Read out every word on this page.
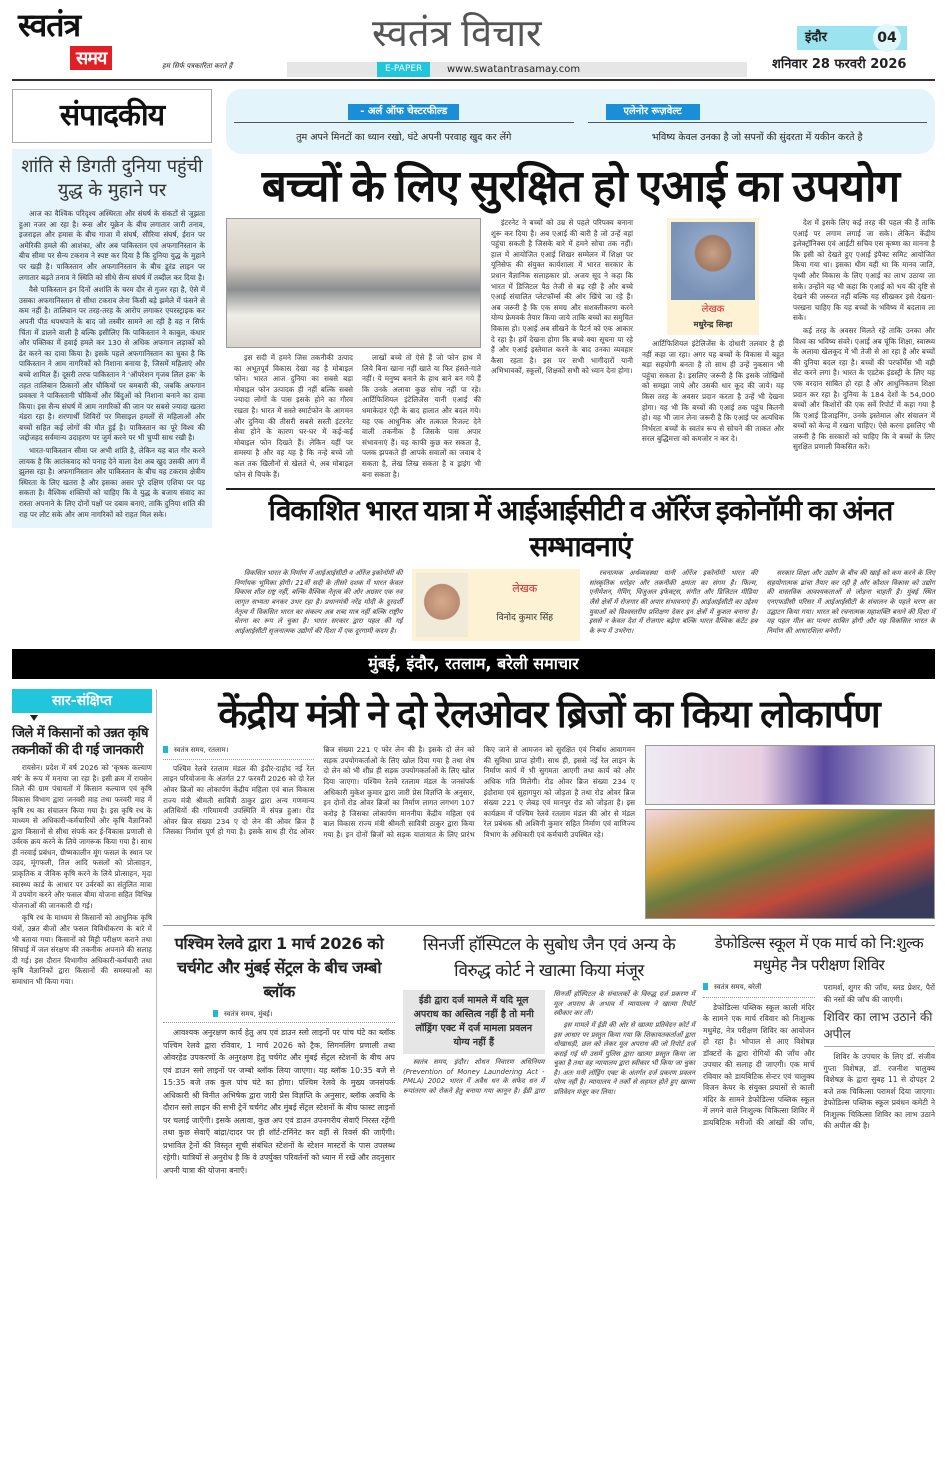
स्वतंत्र
समय	हम सिर्फ पत्रकारिता करते हैं
स्वतंत्र विचार
E-PAPER	www.swatantrasamay.com
इंदौर	04
शनिवार 28 फरवरी 2026
संपादकीय
शांति से डिगती दुनिया पहुंची युद्ध के मुहाने पर

आज का वैश्विक परिदृश्य अस्थिरता और संघर्ष के संकटों से जूझता हुआ नजर आ रहा है। रूस और यूक्रेन के बीच लगातार जारी तनाव, इजराइल और हमास के बीच गाजा में संघर्ष, सीरिया संघर्ष, ईरान पर अमेरिकी हमले की आशंका, और अब पाकिस्तान एवं अफगानिस्तान के बीच सीमा पर सैन्य टकराव ने स्पष्ट कर दिया है कि दुनिया युद्ध के मुहाने पर खड़ी है। पाकिस्तान और अफगानिस्तान के बीच डूरंड लाइन पर लगातार बढ़ते तनाव ने स्थिति को सीधे सैन्य संघर्ष में तब्दील कर दिया है।

वैसे पाकिस्तान इन दिनों अशांति के चरम दौर से गुजर रहा है, ऐसे में उसका अफगानिस्तान से सीधा टकराव लेना किसी बड़े झमेले में फंसने से कम नहीं है। तालिबान पर तरह-तरह के आरोप लगाकर एयरस्ट्राइक कर अपनी पीठ थपथपाने के बाद जो तस्वीर सामने आ रही है वह न सिर्फ चिंता में डालने वाली है बल्कि इसीलिए कि पाकिस्तान ने काबुल, कंधार और पक्तिका में हवाई हमले कर 130 से अधिक अफगान लड़ाकों को ढेर करने का दावा किया है। इसके पहले अफगानिस्तान का चुका है कि पाकिस्तान ने आम नागरिकों को निशाना बनाया है, जिसमें महिलाएं और बच्चे शामिल हैं। दूसरी तरफ पाकिस्तान ने 'ऑपरेशन गृजब लिल हक' के तहत तालिबान ठिकानों और चौकियों पर बमबारी की, जबकि अफगान प्रवक्ता ने पाकिस्तानी चौकियों और बिंदुओं को निशाना बनाने का दावा किया। इस सैन्य संघर्ष में आम नागरिकों की जान पर सबसे ज्यादा खतरा मंडरा रहा है। शरणार्थी शिविरों पर मिसाइल हमलों से महिलाओं और बच्चों सहित कई लोगों की मौत हुई है। पाकिस्तान का पूरे विश्व की जद्दोजहद सर्वमान्य उदाहरण पर जुर्म करने पर भी चुप्पी साध रखी है।

भारत-पाकिस्तान सीमा पर अभी शांति है, लेकिन यह बात गौर करने लायक है कि आतंकवाद को पनाह देने वाला देश अब खुद उसकी आग में झुलस रहा है। अफगानिस्तान और पाकिस्तान के बीच यह टकराव क्षेत्रीय स्थिरता के लिए खतरा है और इसका असर पूरे दक्षिण एशिया पर पड़ सकता है। वैश्विक शक्तियों को चाहिए कि वे युद्ध के बजाय संवाद का रास्ता अपनाने के लिए दोनों पक्षों पर दबाव बनाएं, ताकि दुनिया शांति की राह पर लौट सके और आम नागरिकों को राहत मिल सके।

- अर्ल ऑफ चेस्टरफील्ड
तुम अपने मिनटों का ध्यान रखो, घंटे अपनी परवाह खुद कर लेंगे
एलेनोर रूज़वेल्ट
भविष्य केवल उनका है जो सपनों की सुंदरता में यकीन करते है
बच्चों के लिए सुरक्षित हो एआई का उपयोग

इस सदी में हमने जिस तकनीकी उत्पाद का अभूतपूर्व विकास देखा वह है मोबाइल फोन। भारत आज दुनिया का सबसे बड़ा मोबाइल फोन उत्पादक ही नहीं बल्कि सबसे ज्यादा लोगों के पास इसके होने का गौरव रखता है। भारत में सस्ते स्मार्टफोन के आगमन और दुनिया की तीसरी सबसे सस्ती इंटरनेट सेवा होने के कारण घर-घर में कई-कई मोबाइल फोन दिखते हैं। लेकिन यहीं पर समस्या है और वह यह है कि नन्हे बच्चे जो कल तक खिलौनों से खेलते थे, अब मोबाइल फोन से चिपके हैं।

लाखों बच्चे तो ऐसे हैं जो फोन हाथ में लिये बिना खाना नहीं खाते या फिर हंसते-गाते नहीं। ये मनुष्य बनाने के हाथ बाने बन गये हैं कि उनके अलावा कुछ सोच नहीं पा रहे। आर्टिफिशियल इंटेलिजेंस यानी एआई की धमाकेदार एंट्री के बाद हालात और बदल गये। यह एक आधुनिक और तत्काल रिजल्ट देने वाली तकनीक है जिसके पास अपार संभावनाएं हैं। यह काफी कुछ कर सकता है, पलक झपकते ही आपके सवालों का जवाब दे सकता है, लेख लिख सकता है व ड्राइंग भी बना सकता है।

इंटरनेट ने बच्चों को उम्र से पहले परिपक्व बनाना शुरू कर दिया है। अब एआई की बारी है जो उन्हें वहां पहुंचा सकती है जिसके बारे में हमने सोचा तक नहीं। हाल में आयोजित एआई शिखर सम्मेलन में शिक्षा पर यूनिसेफ की संयुक्त कार्यशाला में भारत सरकार के प्रधान वैज्ञानिक सलाहकार प्रो. अजय सूद ने कहा कि भारत में डिजिटल पैठ तेजी से बढ़ रही है और बच्चे एआई संचालित प्लेटफॉर्म्स की ओर खिंचे जा रहे हैं। अब जरूरी है कि एक समग्र और सशक्तीकरण करने योग्य फ्रेमवर्क तैयार किया जाये ताकि बच्चों का समुचित विकास हो। एआई अब सीखने के पैटर्न को एक आकार दे रहा है। हमें देखना होगा कि बच्चे क्या सूचना पा रहे हैं और एआई इस्तेमाल करने के बाद उनका व्यवहार कैसा रहता है। इस पर सभी भागीदारों यानी अभिभावकों, स्कूलों, शिक्षकों सभी को ध्यान देना होगा।

लेखक
मधुरेन्द्र सिन्हा

आर्टिफिशियल इंटेलिजेंस के दोधारी तलवार है ही नहीं कहा जा रहा। अगर यह बच्चों के विकास में बहुत बड़ा सहयोगी बनता है तो साथ ही उन्हें नुकसान भी पहुंचा सकता है। इसलिए जरूरी है कि इसके जोखिमों को समझा जाये और उसकी धार कूद की जाये। यह किस तरह के अवसर प्रदान करता है उन्हें भी देखना होगा। यह भी कि बच्चों की एआई तक पहुंच कितनी हो। यह भी जान लेना जरूरी है कि एआई पर अत्यधिक निर्भरता बच्चों के स्वतंत्र रूप से सोचने की ताकत और सरल बुद्धिमत्ता को कमजोर न कर दे।

देश में इसके लिए कई तरह की पहल की हैं ताकि एआई पर लगाम लगाई जा सके। लेकिन केंद्रीय इलेक्ट्रॉनिक्स एवं आईटी सचिव एस कृष्णा का मानना है कि इसी को देखते हुए एआई इंपैक्ट समिट आयोजित किया गया था। इसका थीम यही था कि मानव जाति, पृथ्वी और विकास के लिए एआई का लाभ उठाया जा सके। उन्होंने यह भी कहा कि एआई को भय की दृष्टि से देखने की जरूरत नहीं बल्कि यह सीखकर इसे देखना-परखना चाहिए कि यह बच्चों के भविष्य में बदलाव ला सके।

कई तरह के अवसर मिलते रहें ताकि उनका और विश्व का भविष्य संवरे। एआई अब चूंकि शिक्षा, स्वास्थ्य के अलावा खेलकूद में भी तेजी से आ रहा है और बच्चों की दुनिया बदल रहा है। बच्चों की परफॉर्मेंस भी वही सेट करने लगा है। भारत के एडटेक इंडस्ट्री के लिए यह एक वरदान साबित हो रहा है और आधुनिकतम शिक्षा प्रदान कर रहा है। दुनिया के 184 देशों के 54,000 बच्चों और किशोरों की एक सर्वे रिपोर्ट में कहा गया है कि एआई डिजाइनिंग, उनके इस्तेमाल और संचालन में बच्चों को केन्द्र में रखना चाहिए। ऐसे करना इसलिए भी जरूरी है कि सरकारों को चाहिए कि वे बच्चों के लिए सुरक्षित प्रणाली विकसित करें।

विकाशित भारत यात्रा में आईआईसीटी व ऑरेंज इकोनॉमी का अंनत सम्भावनाएं

विकसित भारत के निर्माण में आईआईसीटी व ऑरेंज इकोनॉमी की निर्णायक भूमिका होगी। 21वीं सदी के तीसरे दशक में भारत केवल विकास शील राष्ट्र नहीं, बल्कि वैश्विक नेतृत्व की ओर अग्रसर एक नव जागृत सभ्यता बनकर उभर रहा है। प्रधानमंत्री नरेंद्र मोदी के दूरदर्शी नेतृत्व में विकसित भारत का संकल्प अब शब्द मात्र नहीं बल्कि राष्ट्रीय चेतना का रूप ले चुका है। भारत सरकार द्वारा पहल की गई आईआईसीटी सृजनात्मक उद्योगों की दिशा में एक दूरगामी कदम है।

लेखक
विनोद कुमार सिंह

रचनात्मक अर्थव्यवस्था यानी ऑरेंज इकोनॉमी भारत की सांस्कृतिक धरोहर और तकनीकी क्षमता का संगम है। फिल्म, एनीमेशन, गेमिंग, विजुअल इफेक्ट्स, संगीत और डिजिटल मीडिया जैसे क्षेत्रों में रोजगार की अपार संभावनाएं हैं। आईआईसीटी का उद्देश्य युवाओं को विश्वस्तरीय प्रशिक्षण देकर इन क्षेत्रों में कुशल बनाना है। इससे न केवल देश में रोजगार बढ़ेगा बल्कि भारत वैश्विक कंटेंट हब के रूप में उभरेगा।

सरकार शिक्षा और उद्योग के बीच की खाई को कम करने के लिए सहयोगात्मक ढांचा तैयार कर रही है और कौशल विकास को उद्योग की वास्तविक आवश्यकताओं से जोड़ना चाहती है। मुंबई स्थित एनएफडीसी परिसर में आईआईसीटी के संचालन के पहले चरण का उद्घाटन किया गया। भारत को रचनात्मक महाशक्ति बनाने की दिशा में यह पहल मील का पत्थर साबित होगी और यह विकसित भारत के निर्माण की आधारशिला बनेगी।

मुंबई, इंदौर, रतलाम, बरेली समाचार
सार-संक्षिप्त
जिले में किसानों को उन्नत कृषि तकनीकों की दी गई जानकारी

रायसेन। प्रदेश में वर्ष 2026 को 'कृषक कल्याण वर्ष' के रूप में मनाया जा रहा है। इसी क्रम में रायसेन जिले की ग्राम पंचायतों में किसान कल्याण एवं कृषि विकास विभाग द्वारा जनवरी माह तथा फरवरी माह में कृषि रथ का संचालन किया गया है। इस कृषि रथ के माध्यम से अधिकारी-कर्मचारियों और कृषि वैज्ञानिकों द्वारा किसानों से सीधा संपर्क कर ई-विकास प्रणाली से उर्वरक क्रय करने के लिये जागरूक किया गया है। साथ ही नरवाई प्रबंधन, ग्रीष्मकालीन मूंग फसल के स्थान पर उड़द, मूंगफली, तिल आदि फसलों को प्रोत्साहन, प्राकृतिक व जैविक कृषि करने के लिये प्रोत्साहन, मृदा स्वास्थ्य कार्ड के आधार पर उर्वरकों का संतुलित मात्रा में उपयोग करने और फसल बीमा योजना सहित विभिन्न योजनाओं की जानकारी दी गई।

कृषि रथ के माध्यम से किसानों को आधुनिक कृषि यंत्रों, उन्नत बीजों और फसल विविधीकरण के बारे में भी बताया गया। किसानों को मिट्टी परीक्षण कराने तथा सिंचाई में जल संरक्षण की तकनीक अपनाने की सलाह दी गई। इस दौरान विभागीय अधिकारी-कर्मचारी तथा कृषि वैज्ञानिकों द्वारा किसानों की समस्याओं का समाधान भी किया गया।

केंद्रीय मंत्री ने दो रेलओवर ब्रिजों का किया लोकार्पण
स्वतंत्र समय, रतलाम।

पश्चिम रेलवे रतलाम मंडल की इंदौर-दाहोद नई रेल लाइन परियोजना के अंतर्गत 27 फरवरी 2026 को दो रेल ओवर ब्रिजों का लोकार्पण केंद्रीय महिला एवं बाल विकास राज्य मंत्री श्रीमती सावित्री ठाकुर द्वारा अन्य गणमान्य अतिथियों की गरिमामयी उपस्थिति में संपन्न हुआ। रोड ओवर ब्रिज संख्या 234 ए दो लेन की ओवर ब्रिज है जिसका निर्माण पूर्ण हो गया है। इसके साथ ही रोड ओवर ब्रिज संख्या 221 ए फोर लेन की है। इसके दो लेन को सड़क उपयोगकर्ताओं के लिए खोल दिया गया है तथा शेष दो लेन को भी शीघ्र ही सड़क उपयोगकर्ताओं के लिए खोल दिया जाएगा। पश्चिम रेलवे रतलाम मंडल के जनसंपर्क अधिकारी मुकेश कुमार द्वारा जारी प्रेस विज्ञप्ति के अनुसार, इन दोनों रोड ओवर ब्रिजों का निर्माण लागत लगभग 107 करोड़ है जिसका लोकार्पण माननीया केंद्रीय महिला एवं बाल विकास राज्य मंत्री श्रीमती सावित्री ठाकुर द्वारा किया गया है। इन दोनों ब्रिजों को सड़क यातायात के लिए प्रारंभ किए जाने से आमजन को सुरक्षित एवं निर्बाध आवागमन की सुविधा प्राप्त होगी। साथ ही, इससे नई रेल लाइन के निर्माण कार्य में भी सुगमता आएगी तथा कार्य को और अधिक गति मिलेगी। रोड ओवर ब्रिज संख्या 234 ए इंदोरामा एवं सुहागपुरा को जोड़ता है तथा रोड ओवर ब्रिज संख्या 221 ए लेबड़ एवं मानपुर रोड को जोड़ता है। इस कार्यक्रम में पश्चिम रेलवे रतलाम मंडल की ओर से मंडल रेल प्रबंधक श्री अश्विनी कुमार सहित निर्माण एवं वाणिज्य विभाग के अधिकारी एवं कर्मचारी उपस्थित रहे।

पश्चिम रेलवे द्वारा 1 मार्च 2026 को चर्चगेट और मुंबई सेंट्रल के बीच जम्बो ब्लॉक
स्वतंत्र समय, मुंबई।

आवश्यक अनुरक्षण कार्य हेतु अप एवं डाउन स्लो लाइनों पर पांच घंटे का ब्लॉक पश्चिम रेलवे द्वारा रविवार, 1 मार्च 2026 को ट्रैक, सिगनलिंग प्रणाली तथा ओवरहेड उपकरणों के अनुरक्षण हेतु चर्चगेट और मुंबई सेंट्रल स्टेशनों के बीच अप एवं डाउन स्लो लाइनों पर जम्बो ब्लॉक लिया जाएगा। यह ब्लॉक 10:35 बजे से 15:35 बजे तक कुल पांच घंटे का होगा। पश्चिम रेलवे के मुख्य जनसंपर्क अधिकारी श्री विनीत अभिषेक द्वारा जारी प्रेस विज्ञप्ति के अनुसार, ब्लॉक अवधि के दौरान स्लो लाइन की सभी ट्रेनें चर्चगेट और मुंबई सेंट्रल स्टेशनों के बीच फास्ट लाइनों पर चलाई जाएँगी। इसके अलावा, कुछ अप एवं डाउन उपनगरीय सेवाएँ निरस्त रहेंगी तथा कुछ सेवाएँ बांद्रा/दादर पर ही शॉर्ट-टर्मिनेट कर वहीं से रिवर्स की जाएँगी। प्रभावित ट्रेनों की विस्तृत सूची संबंधित स्टेशनों के स्टेशन मास्टरों के पास उपलब्ध रहेगी। यात्रियों से अनुरोध है कि वे उपर्युक्त परिवर्तनों को ध्यान में रखें और तदनुसार अपनी यात्रा की योजना बनाएँ।

सिनर्जी हॉस्पिटल के सुबोध जैन एवं अन्य के विरुद्ध कोर्ट ने खात्मा किया मंजूर
ईडी द्वारा दर्ज मामले में यदि मूल अपराध का अस्तित्व नहीं है तो मनी लॉड्रिंग एक्ट में दर्ज मामला प्रवलन योग्य नहीं हैं

स्वतंत्र समय, इंदौर। शोधन निवारण अधिनियम (Prevention of Money Laundering Act - PMLA) 2002 भारत में अवैध धन के सफेद धन में रूपांतरण को रोकने हेतु बनाया गया कानून है। ईडी द्वारा सिनर्जी हॉस्पिटल के संचालकों के विरुद्ध दर्ज प्रकरण में मूल अपराध के अभाव में न्यायालय ने खात्मा रिपोर्ट स्वीकार कर ली।

इस मामले में ईडी की ओर से खात्मा प्रतिवेदन कोर्ट में इस आधार पर प्रस्तुत किया गया कि शिकायतकर्ताओं द्वारा धोखाधड़ी, छल को लेकर मूल अपराध की जो रिपोर्ट दर्ज कराई गई थी उसमें पुलिस द्वारा खात्मा प्रस्तुत किया जा चुका है तथा वह न्यायालय द्वारा स्वीकार भी किया जा चुका है। अतः मनी लॉड्रिंग एक्ट के अंतर्गत दर्ज प्रकरण प्रवलन योग्य नहीं है। न्यायालय ने तर्कों से सहमत होते हुए खात्मा प्रतिवेदन मंजूर कर लिया।

डेफोडिल्स स्कूल में एक मार्च को नि:शुल्क मधुमेह नैत्र परीक्षण शिविर
स्वतंत्र समय, बरेली

डेफोडिल्स पब्लिक स्कूल काली मंदिर के सामने एक मार्च रविवार को निःशुल्क मधुमेह, नेत्र परीक्षण शिविर का आयोजन हो रहा है। भोपाल से आए विशेषज्ञ डॉक्टरों के द्वारा रोगियों की जाँच और उपचार की सलाह दी जाएगी। एक मार्च रविवार को डायबिटिक सेन्टर एवं चालुक्य विजन केयर के संयुक्त प्रयासों से काली मंदिर के सामने डेफोडिल्स पब्लिक स्कूल में लगने वाले निःशुल्क चिकित्सा शिविर में डायबिटिक मरीजों की आंखों की जाँच, परामर्श, शुगर की जाँच, ब्लड प्रेशर, पैरों की नसों की जाँच की जाएगी।

शिविर का लाभ उठाने की अपील

शिविर के उपचार के लिए डॉ. संजीव गुप्ता विशेषज्ञ, डॉ. रजनीश चालुक्य विशेषज्ञ के द्वारा सुबह 11 से दोपहर 2 बजे तक चिकित्सा परामर्श दिया जाएगा। डेफोडिल्स पब्लिक स्कूल प्रबंधन कमेटी ने निःशुल्क चिकित्सा शिविर का लाभ उठाने की अपील की है।
